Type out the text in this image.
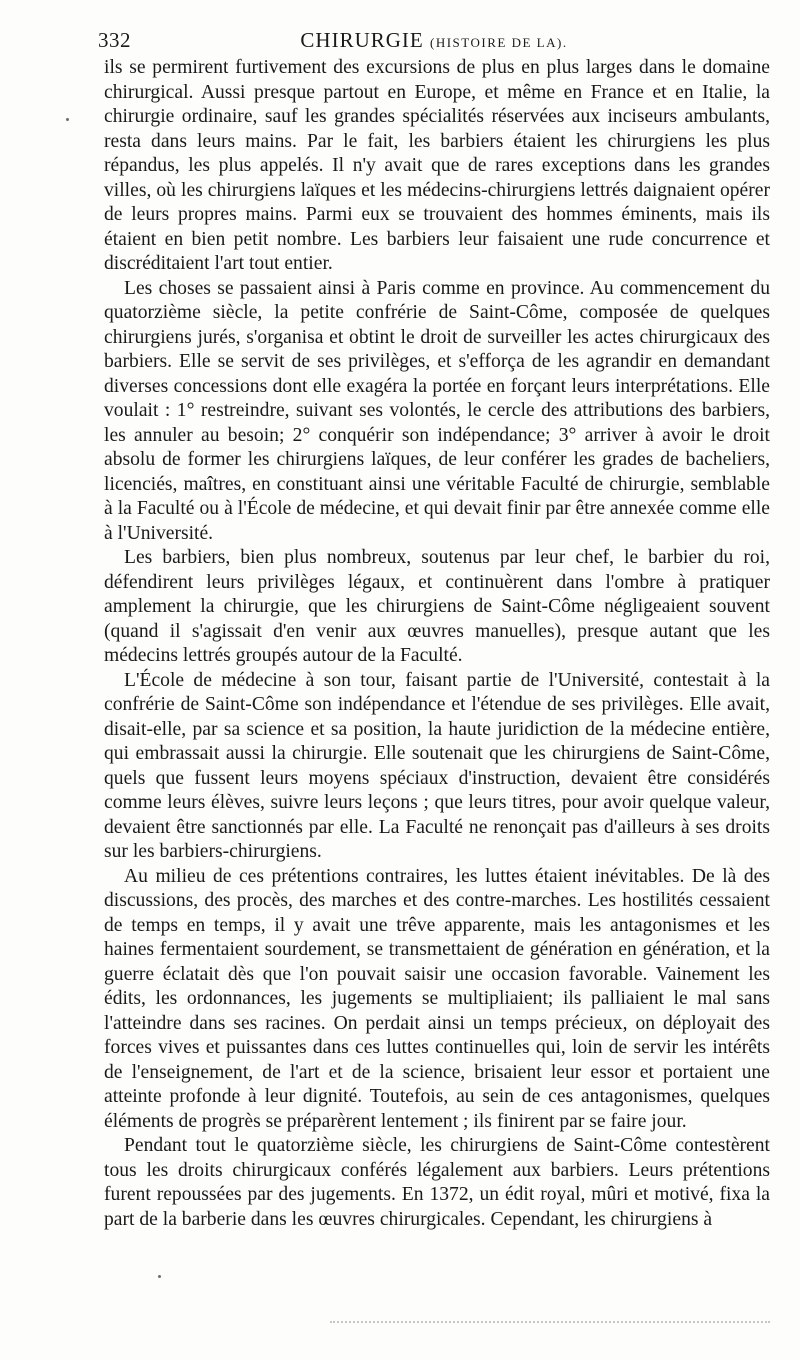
332	CHIRURGIE (HISTOIRE DE LA).

ils se permirent furtivement des excursions de plus en plus larges dans le domaine chirurgical. Aussi presque partout en Europe, et même en France et en Italie, la chirurgie ordinaire, sauf les grandes spécialités réservées aux inciseurs ambulants, resta dans leurs mains. Par le fait, les barbiers étaient les chirurgiens les plus répandus, les plus appelés. Il n'y avait que de rares exceptions dans les grandes villes, où les chirurgiens laïques et les médecins-chirurgiens lettrés daignaient opérer de leurs propres mains. Parmi eux se trouvaient des hommes éminents, mais ils étaient en bien petit nombre. Les barbiers leur faisaient une rude concurrence et discréditaient l'art tout entier.

Les choses se passaient ainsi à Paris comme en province. Au commencement du quatorzième siècle, la petite confrérie de Saint-Côme, composée de quelques chirurgiens jurés, s'organisa et obtint le droit de surveiller les actes chirurgicaux des barbiers. Elle se servit de ses privilèges, et s'efforça de les agrandir en demandant diverses concessions dont elle exagéra la portée en forçant leurs interprétations. Elle voulait : 1° restreindre, suivant ses volontés, le cercle des attributions des barbiers, les annuler au besoin; 2° conquérir son indépendance; 3° arriver à avoir le droit absolu de former les chirurgiens laïques, de leur conférer les grades de bacheliers, licenciés, maîtres, en constituant ainsi une véritable Faculté de chirurgie, semblable à la Faculté ou à l'École de médecine, et qui devait finir par être annexée comme elle à l'Université.

Les barbiers, bien plus nombreux, soutenus par leur chef, le barbier du roi, défendirent leurs privilèges légaux, et continuèrent dans l'ombre à pratiquer amplement la chirurgie, que les chirurgiens de Saint-Côme négligeaient souvent (quand il s'agissait d'en venir aux œuvres manuelles), presque autant que les médecins lettrés groupés autour de la Faculté.

L'École de médecine à son tour, faisant partie de l'Université, contestait à la confrérie de Saint-Côme son indépendance et l'étendue de ses privilèges. Elle avait, disait-elle, par sa science et sa position, la haute juridiction de la médecine entière, qui embrassait aussi la chirurgie. Elle soutenait que les chirurgiens de Saint-Côme, quels que fussent leurs moyens spéciaux d'instruction, devaient être considérés comme leurs élèves, suivre leurs leçons ; que leurs titres, pour avoir quelque valeur, devaient être sanctionnés par elle. La Faculté ne renonçait pas d'ailleurs à ses droits sur les barbiers-chirurgiens.

Au milieu de ces prétentions contraires, les luttes étaient inévitables. De là des discussions, des procès, des marches et des contre-marches. Les hostilités cessaient de temps en temps, il y avait une trêve apparente, mais les antagonismes et les haines fermentaient sourdement, se transmettaient de génération en génération, et la guerre éclatait dès que l'on pouvait saisir une occasion favorable. Vainement les édits, les ordonnances, les jugements se multipliaient; ils palliaient le mal sans l'atteindre dans ses racines. On perdait ainsi un temps précieux, on déployait des forces vives et puissantes dans ces luttes continuelles qui, loin de servir les intérêts de l'enseignement, de l'art et de la science, brisaient leur essor et portaient une atteinte profonde à leur dignité. Toutefois, au sein de ces antagonismes, quelques éléments de progrès se préparèrent lentement ; ils finirent par se faire jour.

Pendant tout le quatorzième siècle, les chirurgiens de Saint-Côme contestèrent tous les droits chirurgicaux conférés légalement aux barbiers. Leurs prétentions furent repoussées par des jugements. En 1372, un édit royal, mûri et motivé, fixa la part de la barberie dans les œuvres chirurgicales. Cependant, les chirurgiens à
